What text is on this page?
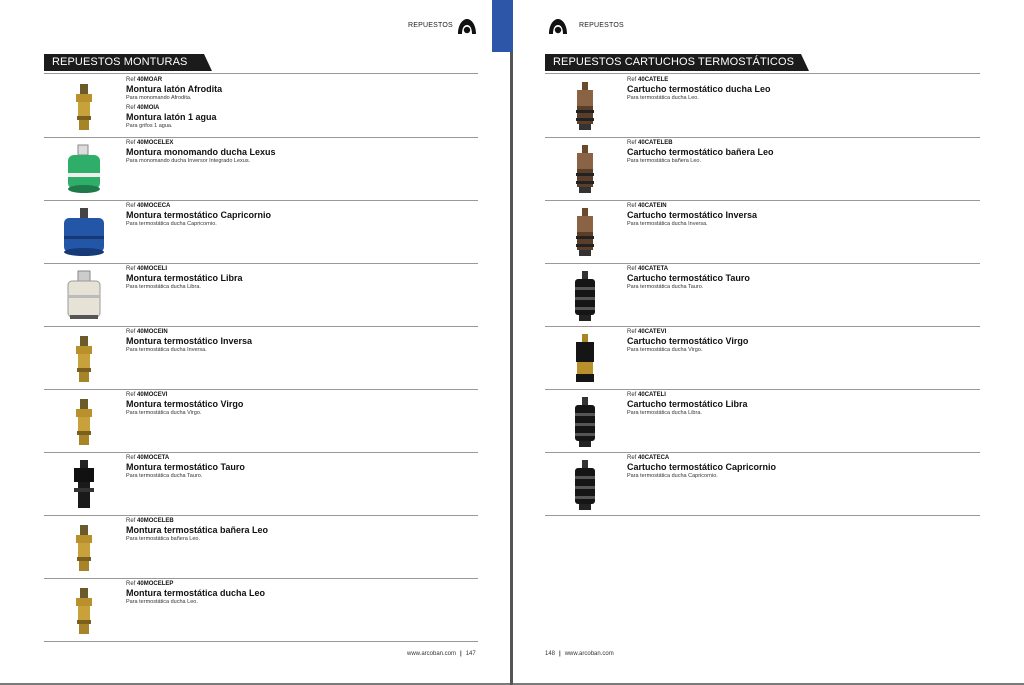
REPUESTOS
REPUESTOS MONTURAS
Ref 40MOAR
Montura latón Afrodita
Para monomando Afrodita.
Ref 40MOIA
Montura latón 1 agua
Para grifos 1 agua.
Ref 40MOCELEX
Montura monomando ducha Lexus
Para monomando ducha Inversor Integrado Lexus.
Ref 40MOCECA
Montura termostático Capricornio
Para termostática ducha Capricornio.
Ref 40MOCELI
Montura termostático Libra
Para termostática ducha Libra.
Ref 40MOCEIN
Montura termostático Inversa
Para termostática ducha Inversa.
Ref 40MOCEVI
Montura termostático Virgo
Para termostática ducha Virgo.
Ref 40MOCETA
Montura termostático Tauro
Para termostática ducha Tauro.
Ref 40MOCELEB
Montura termostática bañera Leo
Para termostática bañera Leo.
Ref 40MOCELEP
Montura termostática ducha Leo
Para termostática ducha Leo.
www.arcoban.com | 147
REPUESTOS
REPUESTOS CARTUCHOS TERMOSTÁTICOS
Ref 40CATELE
Cartucho termostático ducha Leo
Para termostática ducha Leo.
Ref 40CATELEB
Cartucho termostático bañera Leo
Para termostática bañera Leo.
Ref 40CATEIN
Cartucho termostático Inversa
Para termostática ducha Inversa.
Ref 40CATETA
Cartucho termostático Tauro
Para termostática ducha Tauro.
Ref 40CATEVI
Cartucho termostático Virgo
Para termostática ducha Virgo.
Ref 40CATELI
Cartucho termostático Libra
Para termostática ducha Libra.
Ref 40CATECA
Cartucho termostático Capricornio
Para termostática ducha Capricornio.
148 | www.arcoban.com
